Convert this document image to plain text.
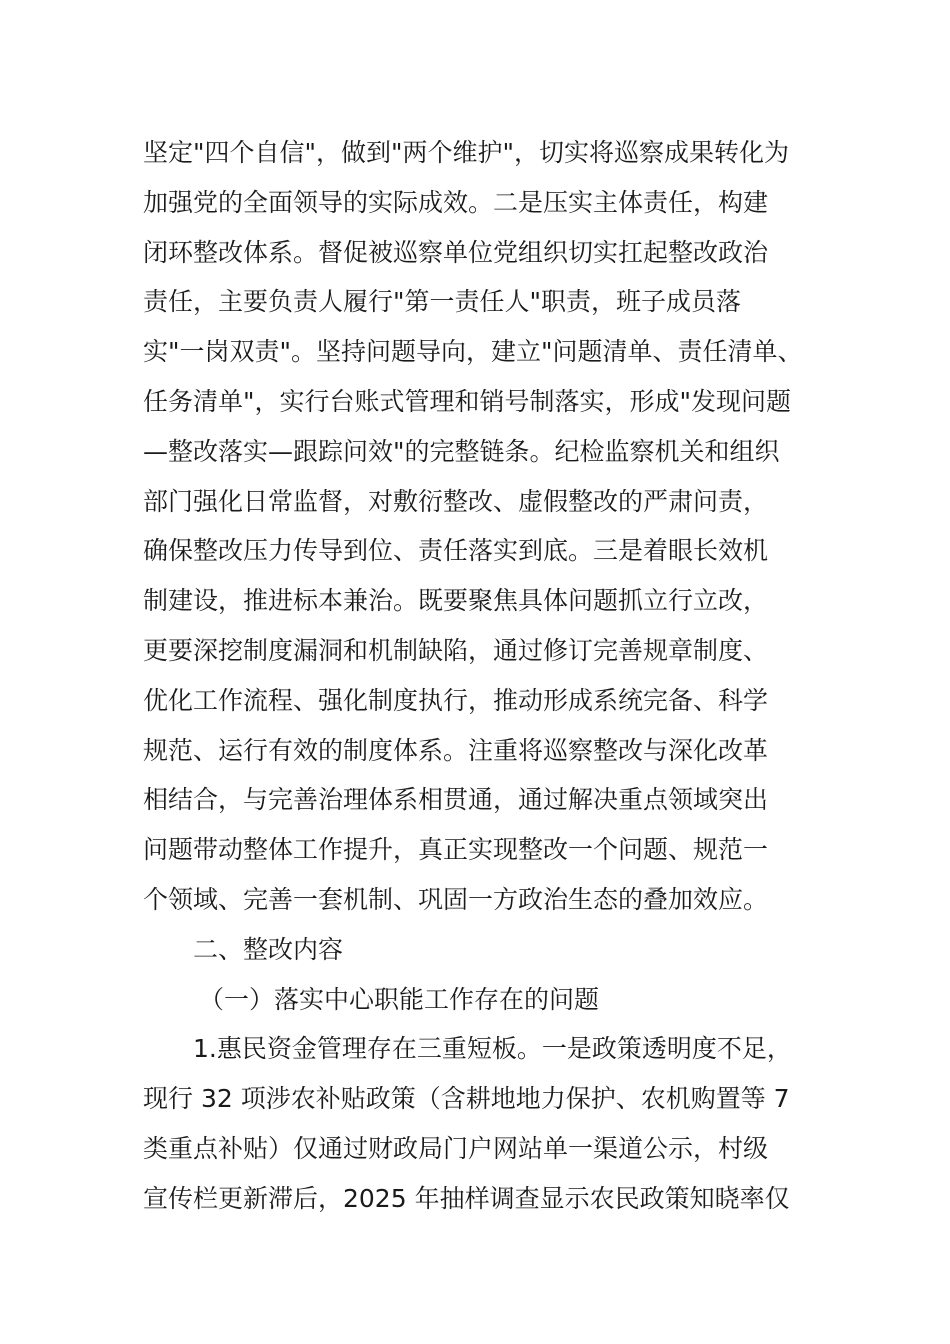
坚定"四个自信"，做到"两个维护"，切实将巡察成果转化为
加强党的全面领导的实际成效。二是压实主体责任，构建
闭环整改体系。督促被巡察单位党组织切实扛起整改政治
责任，主要负责人履行"第一责任人"职责，班子成员落
实"一岗双责"。坚持问题导向，建立"问题清单、责任清单、
任务清单"，实行台账式管理和销号制落实，形成"发现问题
—整改落实—跟踪问效"的完整链条。纪检监察机关和组织
部门强化日常监督，对敷衍整改、虚假整改的严肃问责，
确保整改压力传导到位、责任落实到底。三是着眼长效机
制建设，推进标本兼治。既要聚焦具体问题抓立行立改，
更要深挖制度漏洞和机制缺陷，通过修订完善规章制度、
优化工作流程、强化制度执行，推动形成系统完备、科学
规范、运行有效的制度体系。注重将巡察整改与深化改革
相结合，与完善治理体系相贯通，通过解决重点领域突出
问题带动整体工作提升，真正实现整改一个问题、规范一
个领域、完善一套机制、巩固一方政治生态的叠加效应。
二、整改内容
（一）落实中心职能工作存在的问题
1.惠民资金管理存在三重短板。一是政策透明度不足，
现行 32 项涉农补贴政策（含耕地地力保护、农机购置等 7
类重点补贴）仅通过财政局门户网站单一渠道公示，村级
宣传栏更新滞后，2025 年抽样调查显示农民政策知晓率仅
